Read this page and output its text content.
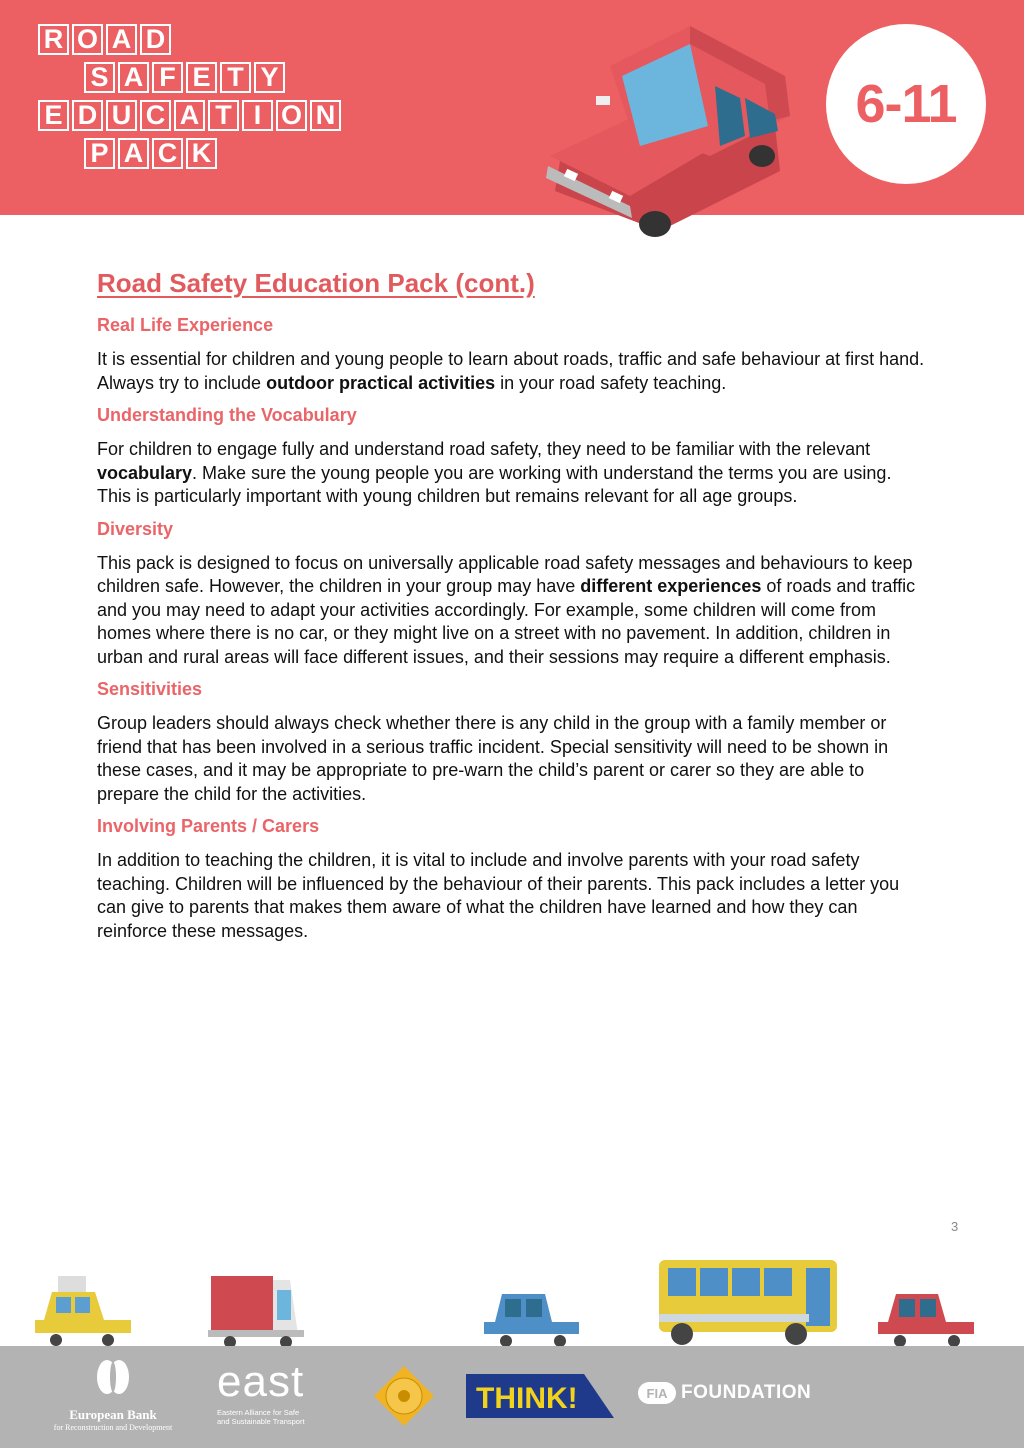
R O A D
S A F E T Y
E D U C A T I O N
P A C K
6-11
Road Safety Education Pack (cont.)
Real Life Experience

It is essential for children and young people to learn about roads, traffic and safe behaviour at first hand. Always try to include outdoor practical activities in your road safety teaching.

Understanding the Vocabulary

For children to engage fully and understand road safety, they need to be familiar with the relevant vocabulary. Make sure the young people you are working with understand the terms you are using. This is particularly important with young children but remains relevant for all age groups.

Diversity

This pack is designed to focus on universally applicable road safety messages and behaviours to keep children safe. However, the children in your group may have different experiences of roads and traffic and you may need to adapt your activities accordingly. For example, some children will come from homes where there is no car, or they might live on a street with no pavement. In addition, children in urban and rural areas will face different issues, and their sessions may require a different emphasis.

Sensitivities

Group leaders should always check whether there is any child in the group with a family member or friend that has been involved in a serious traffic incident. Special sensitivity will need to be shown in these cases, and it may be appropriate to pre-warn the child’s parent or carer so they are able to prepare the child for the activities.

Involving Parents / Carers

In addition to teaching the children, it is vital to include and involve parents with your road safety teaching. Children will be influenced by the behaviour of their parents. This pack includes a letter you can give to parents that makes them aware of what the children have learned and how they can reinforce these messages.

3
European Bank
for Reconstruction and Development
east
Eastern Alliance for Safe
and Sustainable Transport
THINK!	FIA FOUNDATION
